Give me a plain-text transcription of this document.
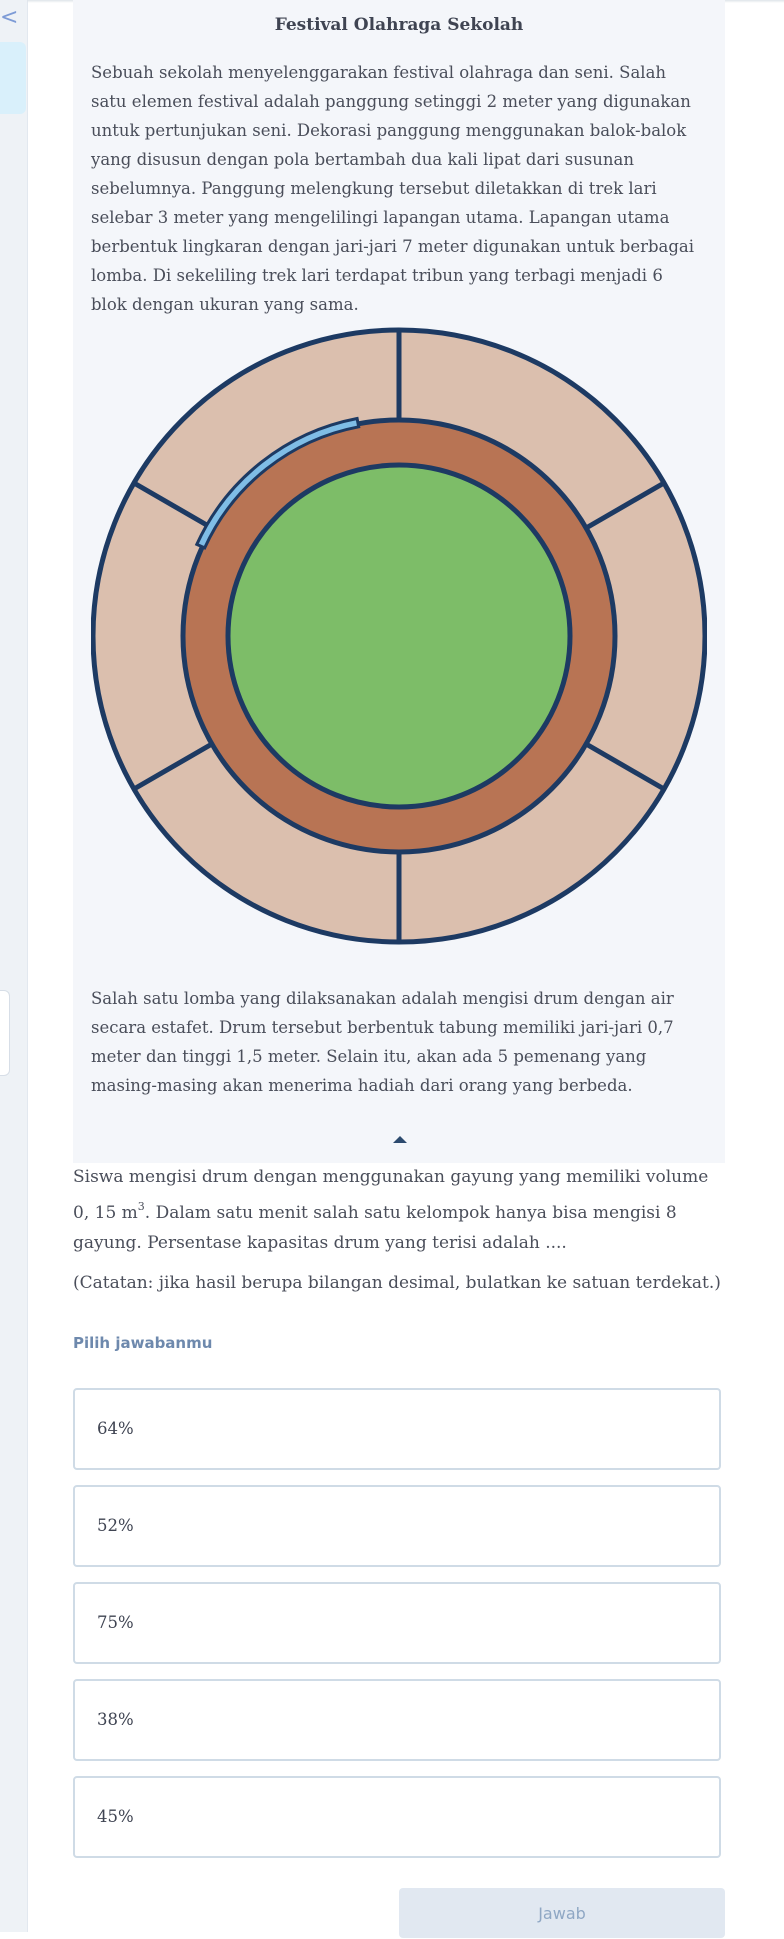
<	Festival Olahraga Sekolah

Sebuah sekolah menyelenggarakan festival olahraga dan seni. Salah satu elemen festival adalah panggung setinggi 2 meter yang digunakan untuk pertunjukan seni. Dekorasi panggung menggunakan balok-balok yang disusun dengan pola bertambah dua kali lipat dari susunan sebelumnya. Panggung melengkung tersebut diletakkan di trek lari selebar 3 meter yang mengelilingi lapangan utama. Lapangan utama berbentuk lingkaran dengan jari-jari 7 meter digunakan untuk berbagai lomba. Di sekeliling trek lari terdapat tribun yang terbagi menjadi 6 blok dengan ukuran yang sama.

Salah satu lomba yang dilaksanakan adalah mengisi drum dengan air secara estafet. Drum tersebut berbentuk tabung memiliki jari-jari 0,7 meter dan tinggi 1,5 meter. Selain itu, akan ada 5 pemenang yang masing-masing akan menerima hadiah dari orang yang berbeda.

Siswa mengisi drum dengan menggunakan gayung yang memiliki volume 0, 15 $m^3$. Dalam satu menit salah satu kelompok hanya bisa mengisi 8 gayung. Persentase kapasitas drum yang terisi adalah ....

(Catatan: jika hasil berupa bilangan desimal, bulatkan ke satuan terdekat.)

Pilih jawabanmu
64%
52%
75%
38%
45%
Jawab
